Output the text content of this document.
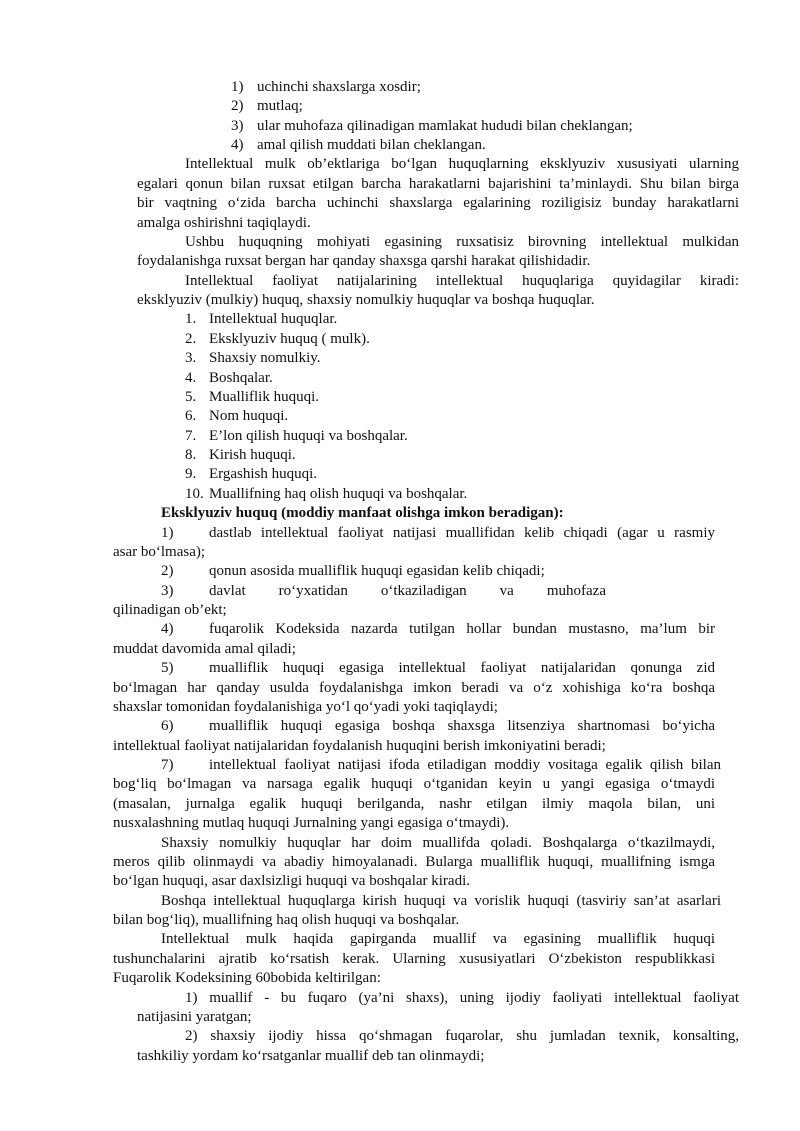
1) uchinchi shaxslarga xosdir;
2) mutlaq;
3) ular muhofaza qilinadigan mamlakat hududi bilan cheklangan;
4) amal qilish muddati bilan cheklangan.
Intellektual mulk ob’ektlariga bo‘lgan huquqlarning eksklyuziv xususiyati ularning
egalari qonun bilan ruxsat etilgan barcha harakatlarni bajarishini ta’minlaydi. Shu bilan birga
bir vaqtning o‘zida barcha uchinchi shaxslarga egalarining roziligisiz bunday harakatlarni
amalga oshirishni taqiqlaydi.
Ushbu huquqning mohiyati egasining ruxsatisiz birovning intellektual mulkidan
foydalanishga ruxsat bergan har qanday shaxsga qarshi harakat qilishidadir.
Intellektual faoliyat natijalarining intellektual huquqlariga quyidagilar kiradi:
eksklyuziv (mulkiy) huquq, shaxsiy nomulkiy huquqlar va boshqa huquqlar.
1. Intellektual huquqlar.
2. Eksklyuziv huquq ( mulk).
3. Shaxsiy nomulkiy.
4. Boshqalar.
5. Mualliflik huquqi.
6. Nom huquqi.
7. E’lon qilish huquqi va boshqalar.
8. Kirish huquqi.
9. Ergashish huquqi.
10. Muallifning haq olish huquqi va boshqalar.
Eksklyuziv huquq (moddiy manfaat olishga imkon beradigan):
1) dastlab intellektual faoliyat natijasi muallifidan kelib chiqadi (agar u rasmiy
asar bo‘lmasa);
2) qonun asosida mualliflik huquqi egasidan kelib chiqadi;
3) davlat ro‘yxatidan o‘tkaziladigan va muhofaza
qilinadigan ob’ekt;
4) fuqarolik Kodeksida nazarda tutilgan hollar bundan mustasno, ma’lum bir
muddat davomida amal qiladi;
5) mualliflik huquqi egasiga intellektual faoliyat natijalaridan qonunga zid
bo‘lmagan har qanday usulda foydalanishga imkon beradi va o‘z xohishiga ko‘ra boshqa
shaxslar tomonidan foydalanishiga yo‘l qo‘yadi yoki taqiqlaydi;
6) mualliflik huquqi egasiga boshqa shaxsga litsenziya shartnomasi bo‘yicha
intellektual faoliyat natijalaridan foydalanish huquqini berish imkoniyatini beradi;
7) intellektual faoliyat natijasi ifoda etiladigan moddiy vositaga egalik qilish bilan
bog‘liq bo‘lmagan va narsaga egalik huquqi o‘tganidan keyin u yangi egasiga o‘tmaydi
(masalan, jurnalga egalik huquqi berilganda, nashr etilgan ilmiy maqola bilan, uni
nusxalashning mutlaq huquqi Jurnalning yangi egasiga o‘tmaydi).
Shaxsiy nomulkiy huquqlar har doim muallifda qoladi. Boshqalarga o‘tkazilmaydi,
meros qilib olinmaydi va abadiy himoyalanadi. Bularga mualliflik huquqi, muallifning ismga
bo‘lgan huquqi, asar daxlsizligi huquqi va boshqalar kiradi.
Boshqa intellektual huquqlarga kirish huquqi va vorislik huquqi (tasviriy san’at asarlari
bilan bog‘liq), muallifning haq olish huquqi va boshqalar.
Intellektual mulk haqida gapirganda muallif va egasining mualliflik huquqi
tushunchalarini ajratib ko‘rsatish kerak. Ularning xususiyatlari O‘zbekiston respublikkasi
Fuqarolik Kodeksining 60bobida keltirilgan:
1) muallif - bu fuqaro (ya’ni shaxs), uning ijodiy faoliyati intellektual faoliyat
natijasini yaratgan;
2) shaxsiy ijodiy hissa qo‘shmagan fuqarolar, shu jumladan texnik, konsalting,
tashkiliy yordam ko‘rsatganlar muallif deb tan olinmaydi;
